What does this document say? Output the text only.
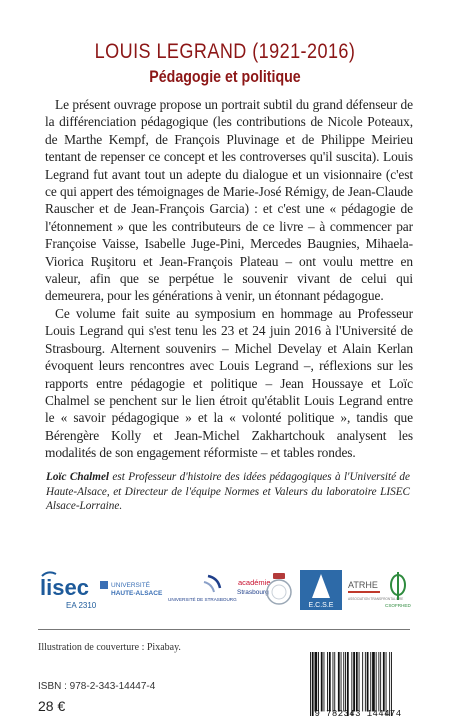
LOUIS LEGRAND (1921-2016)
Pédagogie et politique

Le présent ouvrage propose un portrait subtil du grand défenseur de la différenciation pédagogique (les contributions de Nicole Poteaux, de Marthe Kempf, de François Pluvinage et de Philippe Meirieu tentant de repenser ce concept et les controverses qu'il suscita). Louis Legrand fut avant tout un adepte du dialogue et un visionnaire (c'est ce qui appert des témoignages de Marie-José Rémigy, de Jean-Claude Rauscher et de Jean-François Garcia) : et c'est une « pédagogie de l'étonnement » que les contributeurs de ce livre – à commencer par Françoise Vaisse, Isabelle Juge-Pini, Mercedes Baugnies, Mihaela-Viorica Ruşitoru et Jean-François Plateau – ont voulu mettre en valeur, afin que se perpétue le souvenir vivant de celui qui demeurera, pour les générations à venir, un étonnant pédagogue.

Ce volume fait suite au symposium en hommage au Professeur Louis Legrand qui s'est tenu les 23 et 24 juin 2016 à l'Université de Strasbourg. Alternent souvenirs – Michel Develay et Alain Kerlan évoquent leurs rencontres avec Louis Legrand –, réflexions sur les rapports entre pédagogie et politique – Jean Houssaye et Loïc Chalmel se penchent sur le lien étroit qu'établit Louis Legrand entre le « savoir pédagogique » et la « volonté politique », tandis que Bérengère Kolly et Jean-Michel Zakhartchouk analysent les modalités de son engagement réformiste – et tables rondes.

Loïc Chalmel est Professeur d'histoire des idées pédagogiques à l'Université de Haute-Alsace, et Directeur de l'équipe Normes et Valeurs du laboratoire LISEC Alsace-Lorraine.
lisec
EA 2310
UNIVERSITÉ
HAUTE-ALSACE
UNIVERSITÉ DE STRASBOURG
académie
Strasbourg
E.C.S.E
ATRHE
ASSOCIATION TRANSFRONTALIÈRE
CSOFRHED
Illustration de couverture : Pixabay.
ISBN : 978-2-343-14447-4
28 €	9 782343 144474
